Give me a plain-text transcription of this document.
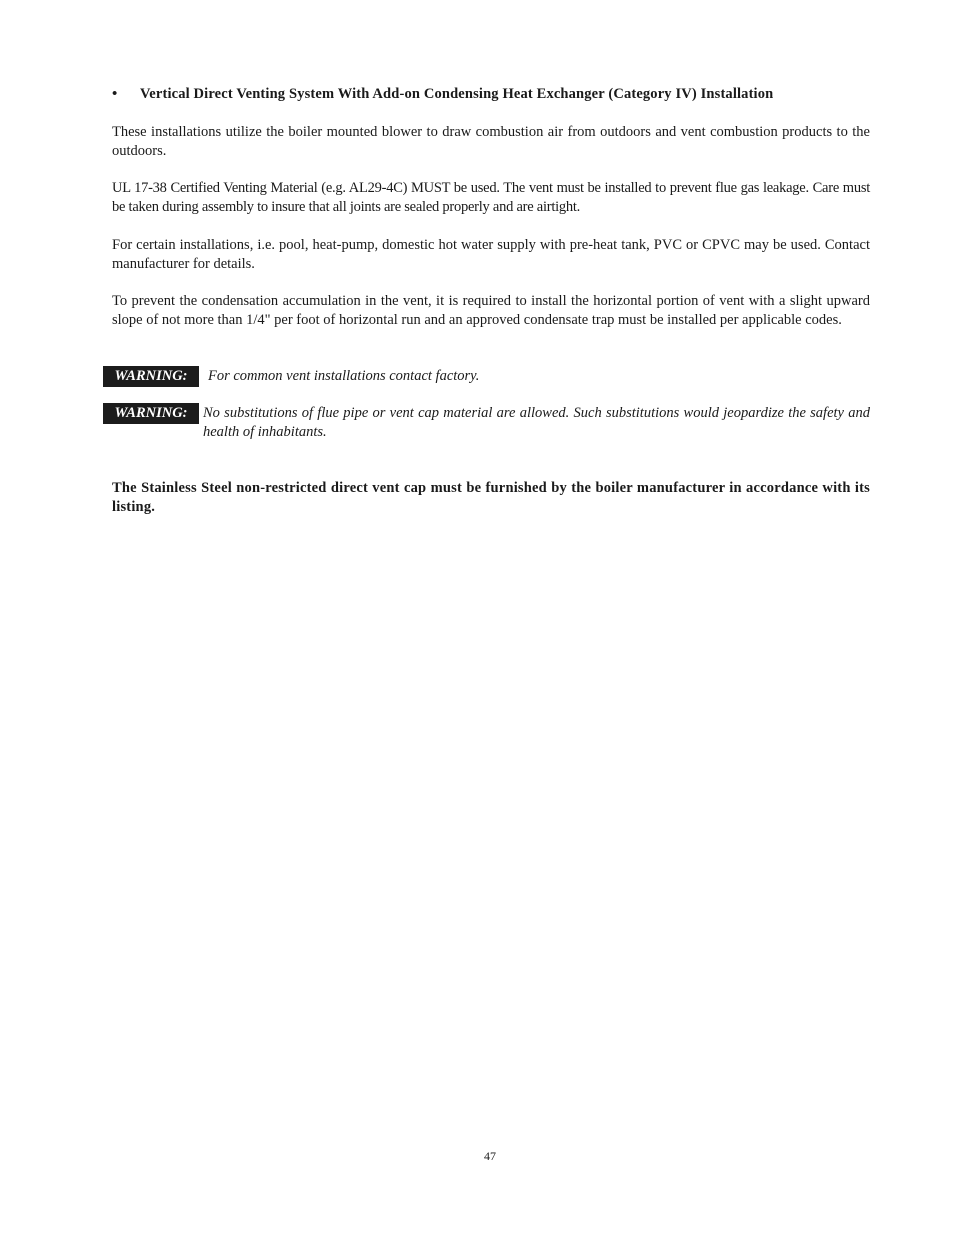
• Vertical Direct Venting System With Add-on Condensing Heat Exchanger (Category IV) Installation

These installations utilize the boiler mounted blower to draw combustion air from outdoors and vent combustion products to the outdoors.

UL 17-38 Certified Venting Material (e.g. AL29-4C) MUST be used. The vent must be installed to prevent flue gas leakage. Care must be taken during assembly to insure that all joints are sealed properly and are airtight.

For certain installations, i.e. pool, heat-pump, domestic hot water supply with pre-heat tank, PVC or CPVC may be used. Contact manufacturer for details.

To prevent the condensation accumulation in the vent, it is required to install the horizontal portion of vent with a slight upward slope of not more than 1/4" per foot of horizontal run and an approved condensate trap must be installed per applicable codes.

WARNING:	For common vent installations contact factory.

WARNING:	No substitutions of flue pipe or vent cap material are allowed. Such substitutions would jeopardize the safety and health of inhabitants.

The Stainless Steel non-restricted direct vent cap must be furnished by the boiler manufacturer in accordance with its listing.

47
